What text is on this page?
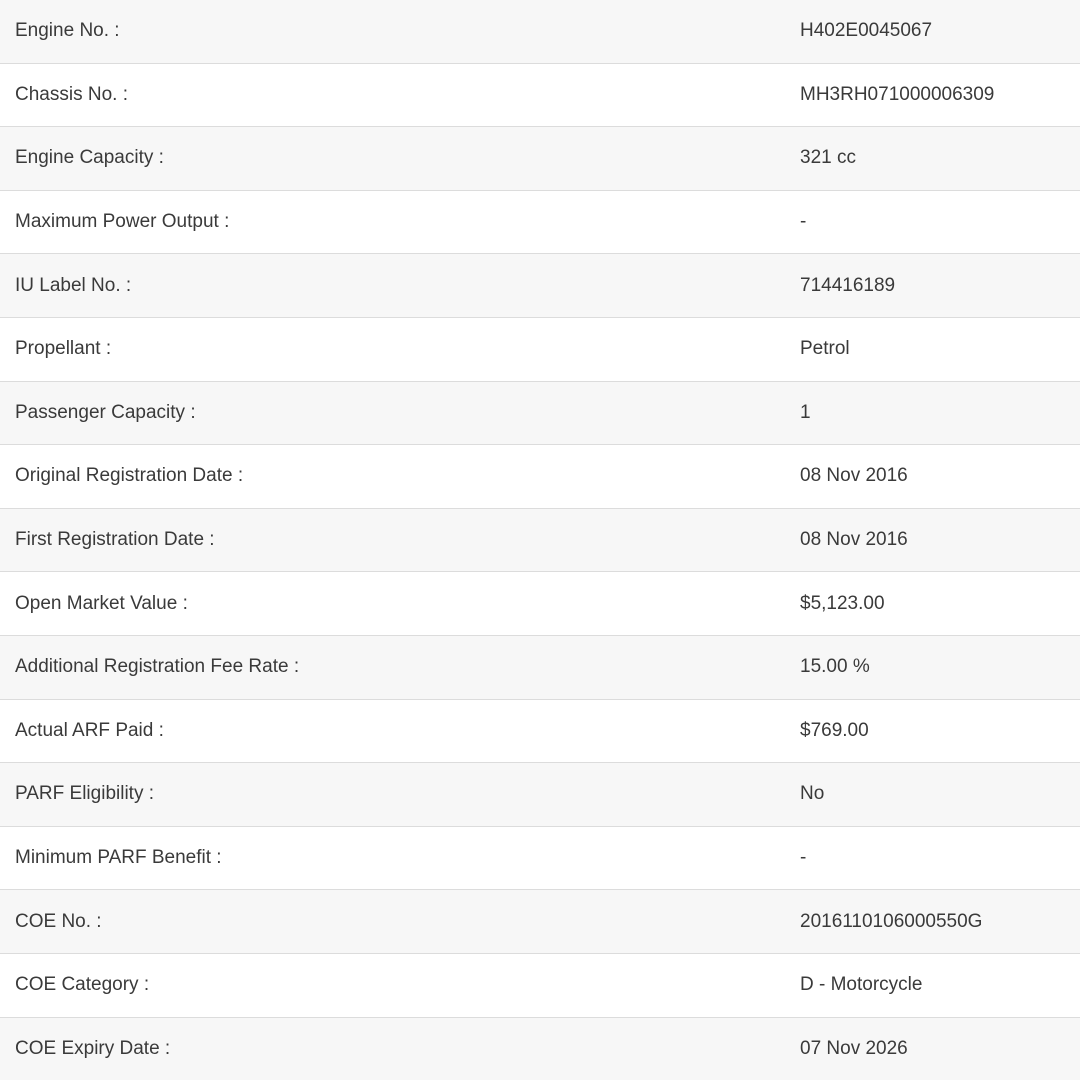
Engine No. :	H402E0045067
Chassis No. :	MH3RH071000006309
Engine Capacity :	321 cc
Maximum Power Output :	-
IU Label No. :	714416189
Propellant :	Petrol
Passenger Capacity :	1
Original Registration Date :	08 Nov 2016
First Registration Date :	08 Nov 2016
Open Market Value :	$5,123.00
Additional Registration Fee Rate :	15.00 %
Actual ARF Paid :	$769.00
PARF Eligibility :	No
Minimum PARF Benefit :	-
COE No. :	2016110106000550G
COE Category :	D - Motorcycle
COE Expiry Date :	07 Nov 2026
